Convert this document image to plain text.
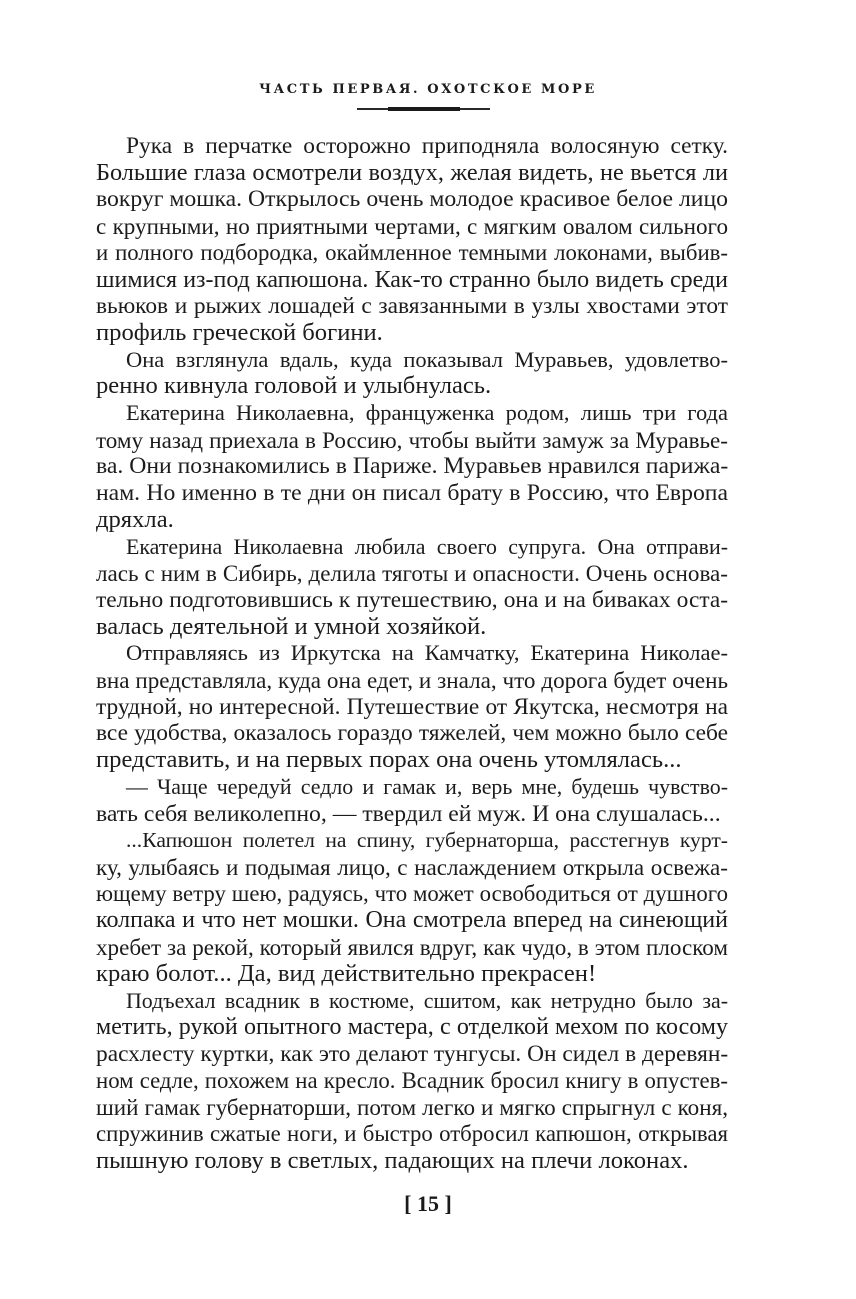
ЧАСТЬ ПЕРВАЯ. ОХОТСКОЕ МОРЕ
Рука в перчатке осторожно приподняла волосяную сетку.
Большие глаза осмотрели воздух, желая видеть, не вьется ли
вокруг мошка. Открылось очень молодое красивое белое лицо
с крупными, но приятными чертами, с мягким овалом сильного
и полного подбородка, окаймленное темными локонами, выбив-
шимися из-под капюшона. Как-то странно было видеть среди
вьюков и рыжих лошадей с завязанными в узлы хвостами этот
профиль греческой богини.
Она взглянула вдаль, куда показывал Муравьев, удовлетво-
ренно кивнула головой и улыбнулась.
Екатерина Николаевна, француженка родом, лишь три года
тому назад приехала в Россию, чтобы выйти замуж за Муравье-
ва. Они познакомились в Париже. Муравьев нравился парижа-
нам. Но именно в те дни он писал брату в Россию, что Европа
дряхла.
Екатерина Николаевна любила своего супруга. Она отправи-
лась с ним в Сибирь, делила тяготы и опасности. Очень основа-
тельно подготовившись к путешествию, она и на биваках оста-
валась деятельной и умной хозяйкой.
Отправляясь из Иркутска на Камчатку, Екатерина Николаe-
вна представляла, куда она едет, и знала, что дорога будет очень
трудной, но интересной. Путешествие от Якутска, несмотря на
все удобства, оказалось гораздо тяжелей, чем можно было себе
представить, и на первых порах она очень утомлялась...
— Чаще чередуй седло и гамак и, верь мне, будешь чувство-
вать себя великолепно, — твердил ей муж. И она слушалась...
...Капюшон полетел на спину, губернаторша, расстегнув курт-
ку, улыбаясь и подымая лицо, с наслаждением открыла освежа-
ющему ветру шею, радуясь, что может освободиться от душного
колпака и что нет мошки. Она смотрела вперед на синеющий
хребет за рекой, который явился вдруг, как чудо, в этом плоском
краю болот... Да, вид действительно прекрасен!
Подъехал всадник в костюме, сшитом, как нетрудно было за-
метить, рукой опытного мастера, с отделкой мехом по косому
расхлесту куртки, как это делают тунгусы. Он сидел в деревян-
ном седле, похожем на кресло. Всадник бросил книгу в опустев-
ший гамак губернаторши, потом легко и мягко спрыгнул с коня,
спружинив сжатые ноги, и быстро отбросил капюшон, открывая
пышную голову в светлых, падающих на плечи локонах.
[ 15 ]
